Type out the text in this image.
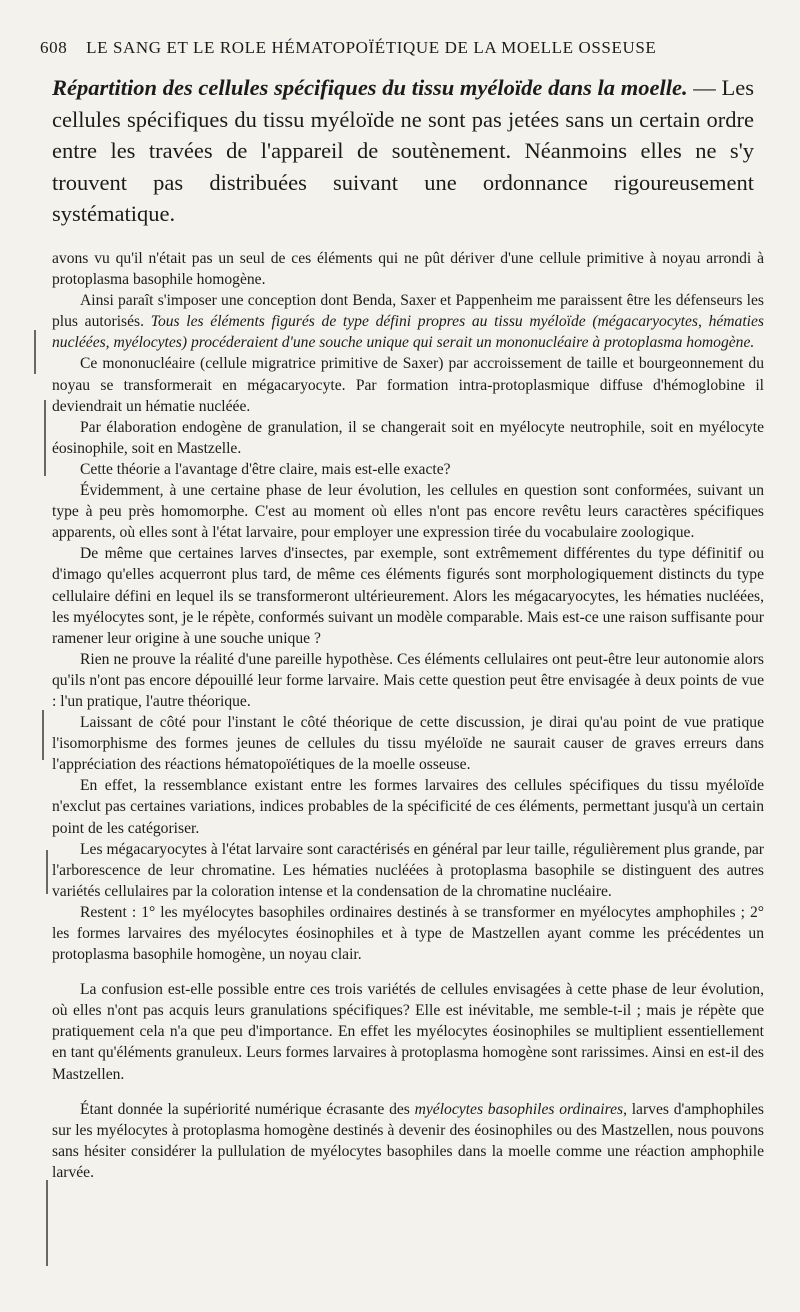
608 LE SANG ET LE ROLE HÉMATOPOÏÉTIQUE DE LA MOELLE OSSEUSE
Répartition des cellules spécifiques du tissu myéloïde dans la moelle. — Les cellules spécifiques du tissu myéloïde ne sont pas jetées sans un certain ordre entre les travées de l'appareil de soutènement. Néanmoins elles ne s'y trouvent pas distribuées suivant une ordonnance rigoureusement systématique.

avons vu qu'il n'était pas un seul de ces éléments qui ne pût dériver d'une cellule primitive à noyau arrondi à protoplasma basophile homogène.

Ainsi paraît s'imposer une conception dont Benda, Saxer et Pappenheim me paraissent être les défenseurs les plus autorisés. Tous les éléments figurés de type défini propres au tissu myéloïde (mégacaryocytes, hématies nucléées, myélocytes) procéderaient d'une souche unique qui serait un mononucléaire à protoplasma homogène.

Ce mononucléaire (cellule migratrice primitive de Saxer) par accroissement de taille et bourgeonnement du noyau se transformerait en mégacaryocyte. Par formation intra-protoplasmique diffuse d'hémoglobine il deviendrait un hématie nucléée.

Par élaboration endogène de granulation, il se changerait soit en myélocyte neutrophile, soit en myélocyte éosinophile, soit en Mastzelle.

Cette théorie a l'avantage d'être claire, mais est-elle exacte?

Évidemment, à une certaine phase de leur évolution, les cellules en question sont conformées, suivant un type à peu près homomorphe. C'est au moment où elles n'ont pas encore revêtu leurs caractères spécifiques apparents, où elles sont à l'état larvaire, pour employer une expression tirée du vocabulaire zoologique.

De même que certaines larves d'insectes, par exemple, sont extrêmement différentes du type définitif ou d'imago qu'elles acquerront plus tard, de même ces éléments figurés sont morphologiquement distincts du type cellulaire défini en lequel ils se transformeront ultérieurement. Alors les mégacaryocytes, les hématies nucléées, les myélocytes sont, je le répète, conformés suivant un modèle comparable. Mais est-ce une raison suffisante pour ramener leur origine à une souche unique ?

Rien ne prouve la réalité d'une pareille hypothèse. Ces éléments cellulaires ont peut-être leur autonomie alors qu'ils n'ont pas encore dépouillé leur forme larvaire. Mais cette question peut être envisagée à deux points de vue : l'un pratique, l'autre théorique.

Laissant de côté pour l'instant le côté théorique de cette discussion, je dirai qu'au point de vue pratique l'isomorphisme des formes jeunes de cellules du tissu myéloïde ne saurait causer de graves erreurs dans l'appréciation des réactions hématopoïétiques de la moelle osseuse.

En effet, la ressemblance existant entre les formes larvaires des cellules spécifiques du tissu myéloïde n'exclut pas certaines variations, indices probables de la spécificité de ces éléments, permettant jusqu'à un certain point de les catégoriser.

Les mégacaryocytes à l'état larvaire sont caractérisés en général par leur taille, régulièrement plus grande, par l'arborescence de leur chromatine. Les hématies nucléées à protoplasma basophile se distinguent des autres variétés cellulaires par la coloration intense et la condensation de la chromatine nucléaire.

Restent : 1° les myélocytes basophiles ordinaires destinés à se transformer en myélocytes amphophiles ; 2° les formes larvaires des myélocytes éosinophiles et à type de Mastzellen ayant comme les précédentes un protoplasma basophile homogène, un noyau clair.

La confusion est-elle possible entre ces trois variétés de cellules envisagées à cette phase de leur évolution, où elles n'ont pas acquis leurs granulations spécifiques? Elle est inévitable, me semble-t-il ; mais je répète que pratiquement cela n'a que peu d'importance. En effet les myélocytes éosinophiles se multiplient essentiellement en tant qu'éléments granuleux. Leurs formes larvaires à protoplasma homogène sont rarissimes. Ainsi en est-il des Mastzellen.

Étant donnée la supériorité numérique écrasante des myélocytes basophiles ordinaires, larves d'amphophiles sur les myélocytes à protoplasma homogène destinés à devenir des éosinophiles ou des Mastzellen, nous pouvons sans hésiter considérer la pullulation de myélocytes basophiles dans la moelle comme une réaction amphophile larvée.
